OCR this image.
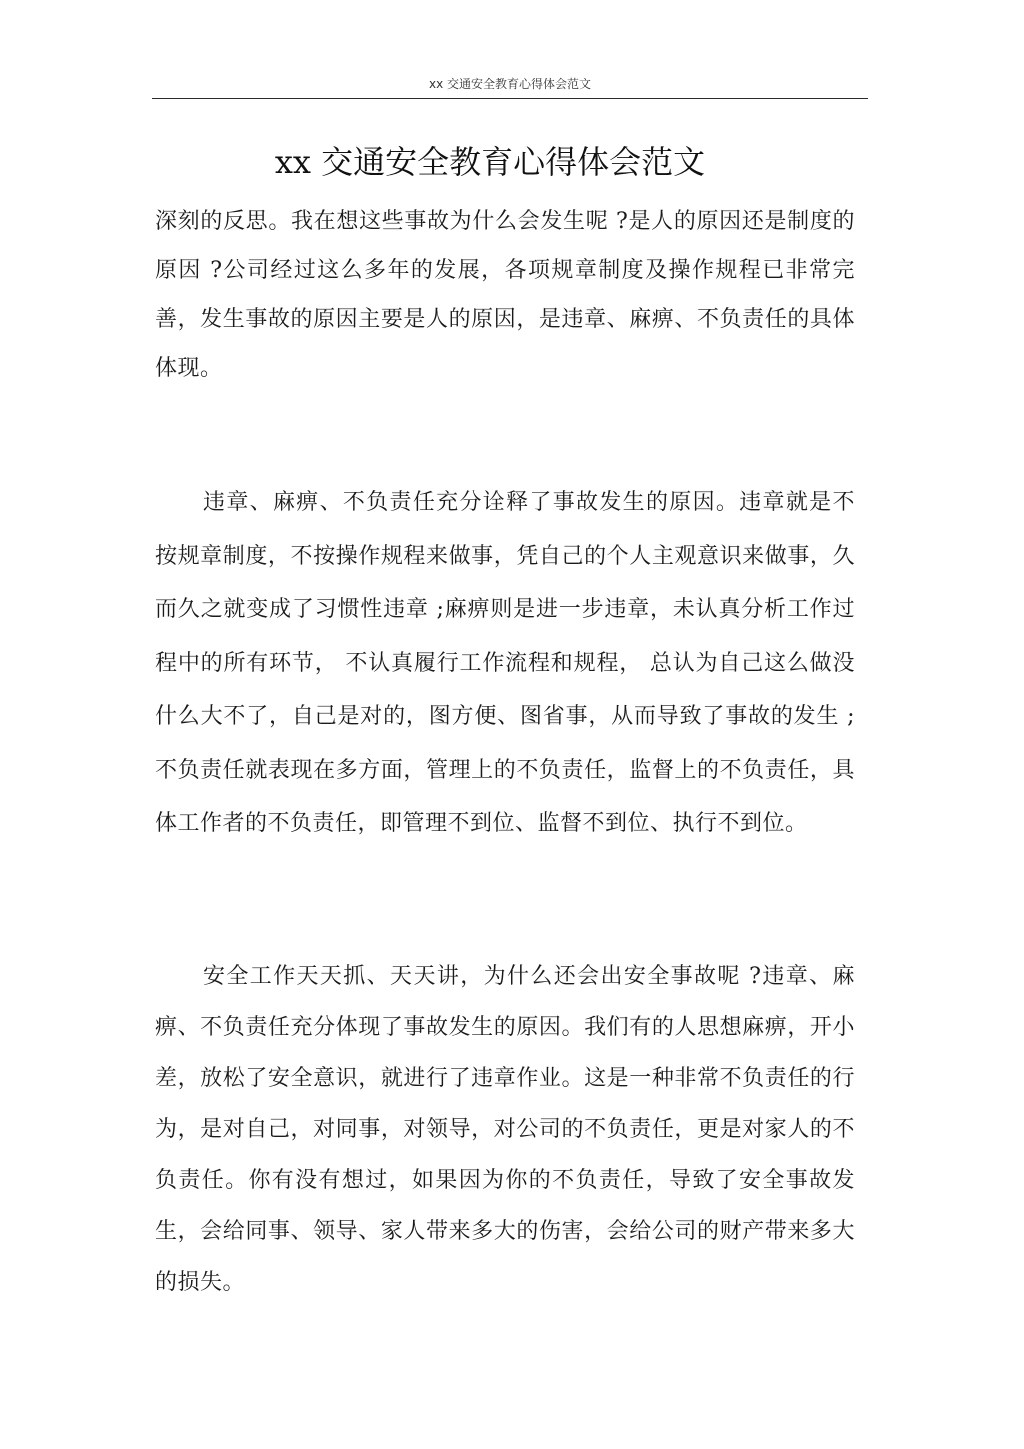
xx 交通安全教育心得体会范文
xx 交通安全教育心得体会范文

深刻的反思。我在想这些事故为什么会发生呢 ?是人的原因还是制度的原因 ?公司经过这么多年的发展，各项规章制度及操作规程已非常完善，发生事故的原因主要是人的原因，是违章、麻痹、不负责任的具体体现。

违章、麻痹、不负责任充分诠释了事故发生的原因。违章就是不按规章制度，不按操作规程来做事，凭自己的个人主观意识来做事，久而久之就变成了习惯性违章 ;麻痹则是进一步违章，未认真分析工作过程中的所有环节， 不认真履行工作流程和规程， 总认为自己这么做没什么大不了，自己是对的，图方便、图省事，从而导致了事故的发生 ;不负责任就表现在多方面，管理上的不负责任，监督上的不负责任，具体工作者的不负责任，即管理不到位、监督不到位、执行不到位。

安全工作天天抓、天天讲，为什么还会出安全事故呢 ?违章、麻痹、不负责任充分体现了事故发生的原因。我们有的人思想麻痹，开小差，放松了安全意识，就进行了违章作业。这是一种非常不负责任的行为，是对自己，对同事，对领导，对公司的不负责任，更是对家人的不负责任。你有没有想过，如果因为你的不负责任，导致了安全事故发生，会给同事、领导、家人带来多大的伤害，会给公司的财产带来多大的损失。
